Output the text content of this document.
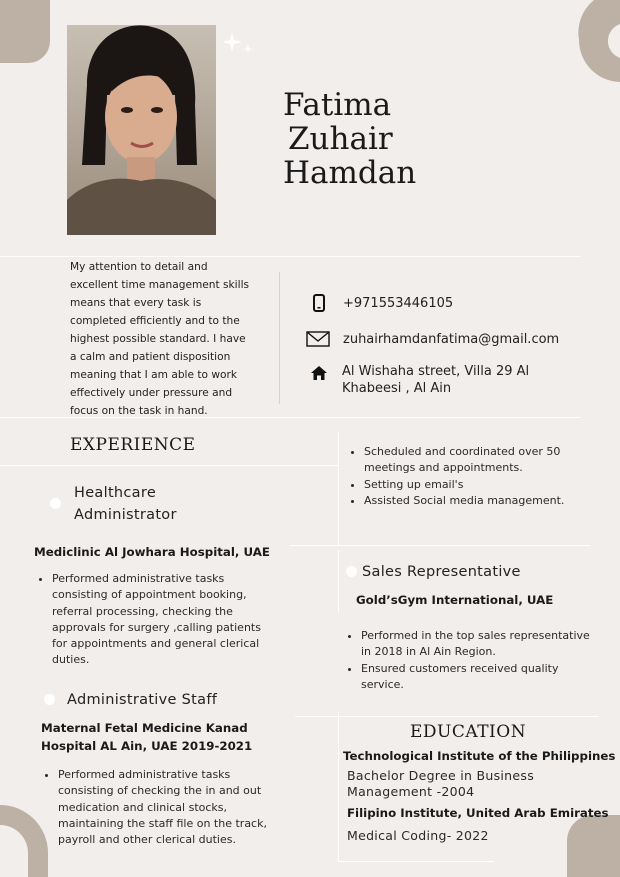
Fatima
Zuhair
Hamdan
My attention to detail and excellent time management skills means that every task is completed efficiently and to the highest possible standard. I have a calm and patient disposition meaning that I am able to work effectively under pressure and focus on the task in hand.
+971553446105
zuhairhamdanfatima@gmail.com
Al Wishaha street, Villa 29 Al
Khabeesi , Al Ain
EXPERIENCE
Healthcare
Administrator
Mediclinic Al Jowhara Hospital, UAE
• Performed administrative tasks consisting of appointment booking, referral processing, checking the approvals for surgery ,calling patients for appointments and general clerical duties.
• Scheduled and coordinated over 50 meetings and appointments.
• Setting up email's
• Assisted Social media management.
Sales Representative
Gold’sGym International, UAE
• Performed in the top sales representative in 2018 in Al Ain Region.
• Ensured customers received quality service.
Administrative Staff
Maternal Fetal Medicine Kanad
Hospital AL Ain, UAE 2019-2021
• Performed administrative tasks consisting of checking the in and out medication and clinical stocks, maintaining the staff file on the track, payroll and other clerical duties.
EDUCATION
Technological Institute of the Philippines
Bachelor Degree in Business
Management -2004
Filipino Institute, United Arab Emirates
Medical Coding- 2022
